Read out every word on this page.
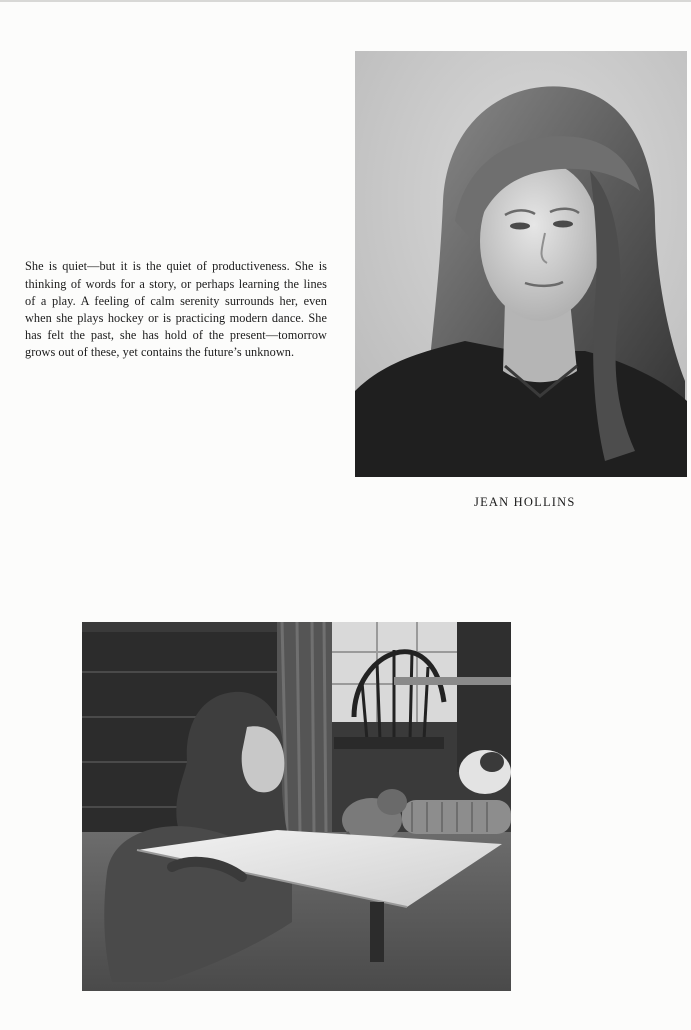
She is quiet—but it is the quiet of productiveness. She is thinking of words for a story, or perhaps learning the lines of a play. A feeling of calm serenity surrounds her, even when she plays hockey or is practicing modern dance. She has felt the past, she has hold of the present—tomorrow grows out of these, yet contains the future’s unknown.

JEAN HOLLINS
